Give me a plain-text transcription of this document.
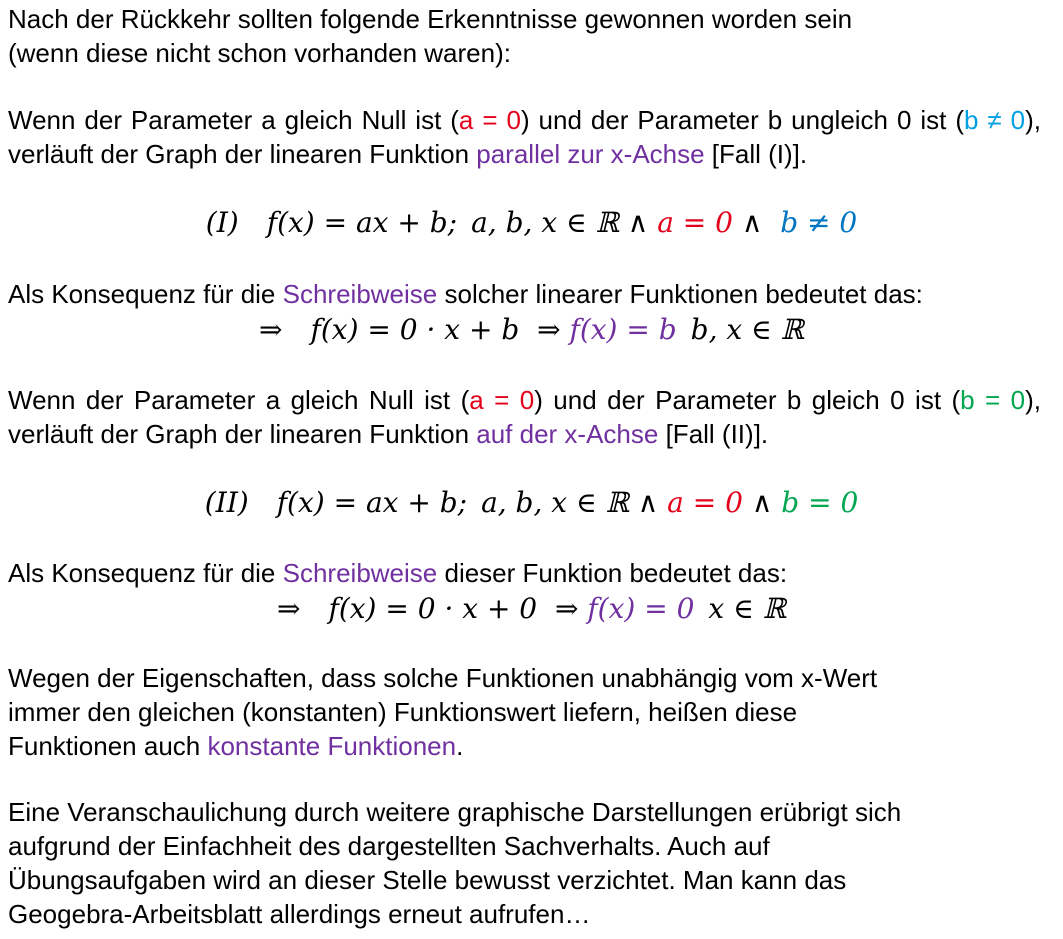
Nach der Rückkehr sollten folgende Erkenntnisse gewonnen worden sein
(wenn diese nicht schon vorhanden waren):
Wenn der Parameter a gleich Null ist (a = 0) und der Parameter b ungleich 0 ist (b ≠ 0), verläuft der Graph der linearen Funktion parallel zur x-Achse [Fall (I)].
(I) f(x) = ax + b; a, b, x ∈ ℝ ∧ a = 0 ∧ b ≠ 0
Als Konsequenz für die Schreibweise solcher linearer Funktionen bedeutet das:
⇒ f(x) = 0 · x + b ⇒ f(x) = b b, x ∈ ℝ
Wenn der Parameter a gleich Null ist (a = 0) und der Parameter b gleich 0 ist (b = 0), verläuft der Graph der linearen Funktion auf der x-Achse [Fall (II)].
(II) f(x) = ax + b; a, b, x ∈ ℝ ∧ a = 0 ∧ b = 0
Als Konsequenz für die Schreibweise dieser Funktion bedeutet das:
⇒ f(x) = 0 · x + 0 ⇒ f(x) = 0 x ∈ ℝ
Wegen der Eigenschaften, dass solche Funktionen unabhängig vom x-Wert
immer den gleichen (konstanten) Funktionswert liefern, heißen diese
Funktionen auch konstante Funktionen.
Eine Veranschaulichung durch weitere graphische Darstellungen erübrigt sich
aufgrund der Einfachheit des dargestellten Sachverhalts. Auch auf
Übungsaufgaben wird an dieser Stelle bewusst verzichtet. Man kann das
Geogebra-Arbeitsblatt allerdings erneut aufrufen…
